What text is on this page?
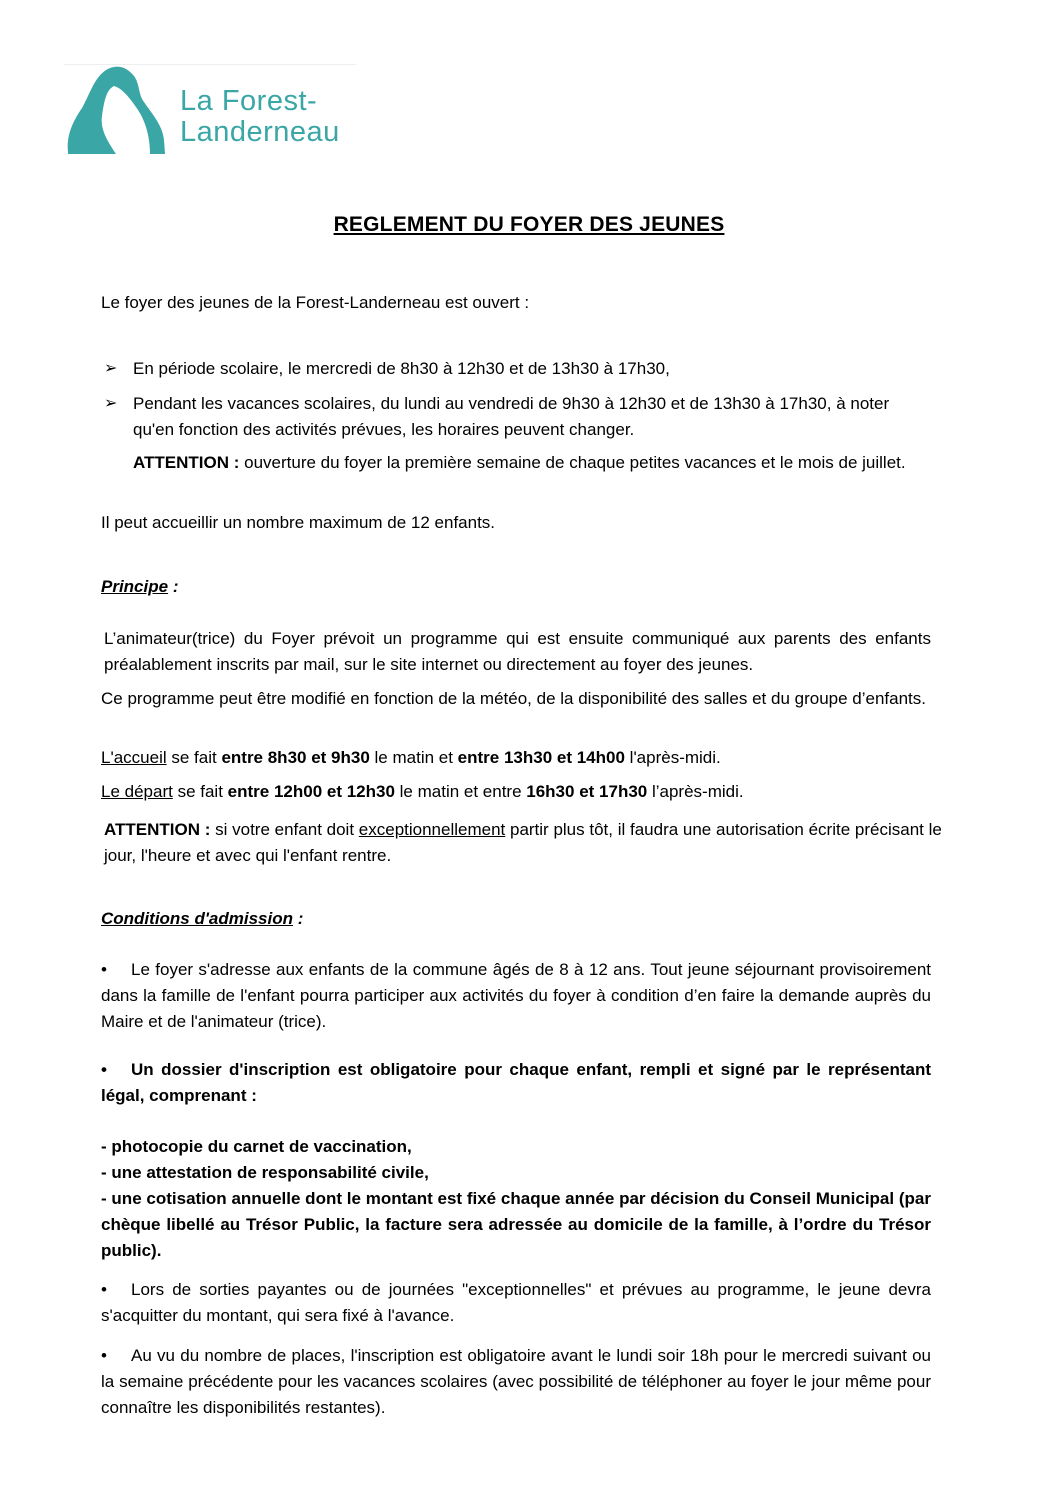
La Forest-
Landerneau
REGLEMENT DU FOYER DES JEUNES

Le foyer des jeunes de la Forest-Landerneau est ouvert :

➢ En période scolaire, le mercredi de 8h30 à 12h30 et de 13h30 à 17h30,

➢ Pendant les vacances scolaires, du lundi au vendredi de 9h30 à 12h30 et de 13h30 à 17h30, à noter qu'en fonction des activités prévues, les horaires peuvent changer.

ATTENTION : ouverture du foyer la première semaine de chaque petites vacances et le mois de juillet.

Il peut accueillir un nombre maximum de 12 enfants.

Principe :

L’animateur(trice) du Foyer prévoit un programme qui est ensuite communiqué aux parents des enfants préalablement inscrits par mail, sur le site internet ou directement au foyer des jeunes.

Ce programme peut être modifié en fonction de la météo, de la disponibilité des salles et du groupe d’enfants.

L'accueil se fait entre 8h30 et 9h30 le matin et entre 13h30 et 14h00 l'après-midi.

Le départ se fait entre 12h00 et 12h30 le matin et entre 16h30 et 17h30 l’après-midi.

ATTENTION : si votre enfant doit exceptionnellement partir plus tôt, il faudra une autorisation écrite précisant le jour, l'heure et avec qui l'enfant rentre.

Conditions d'admission :

• Le foyer s'adresse aux enfants de la commune âgés de 8 à 12 ans. Tout jeune séjournant provisoirement dans la famille de l'enfant pourra participer aux activités du foyer à condition d’en faire la demande auprès du Maire et de l'animateur (trice).

• Un dossier d'inscription est obligatoire pour chaque enfant, rempli et signé par le représentant légal, comprenant :

- photocopie du carnet de vaccination,

- une attestation de responsabilité civile,

- une cotisation annuelle dont le montant est fixé chaque année par décision du Conseil Municipal (par chèque libellé au Trésor Public, la facture sera adressée au domicile de la famille, à l’ordre du Trésor public).

• Lors de sorties payantes ou de journées "exceptionnelles" et prévues au programme, le jeune devra s'acquitter du montant, qui sera fixé à l'avance.

• Au vu du nombre de places, l'inscription est obligatoire avant le lundi soir 18h pour le mercredi suivant ou la semaine précédente pour les vacances scolaires (avec possibilité de téléphoner au foyer le jour même pour connaître les disponibilités restantes).
